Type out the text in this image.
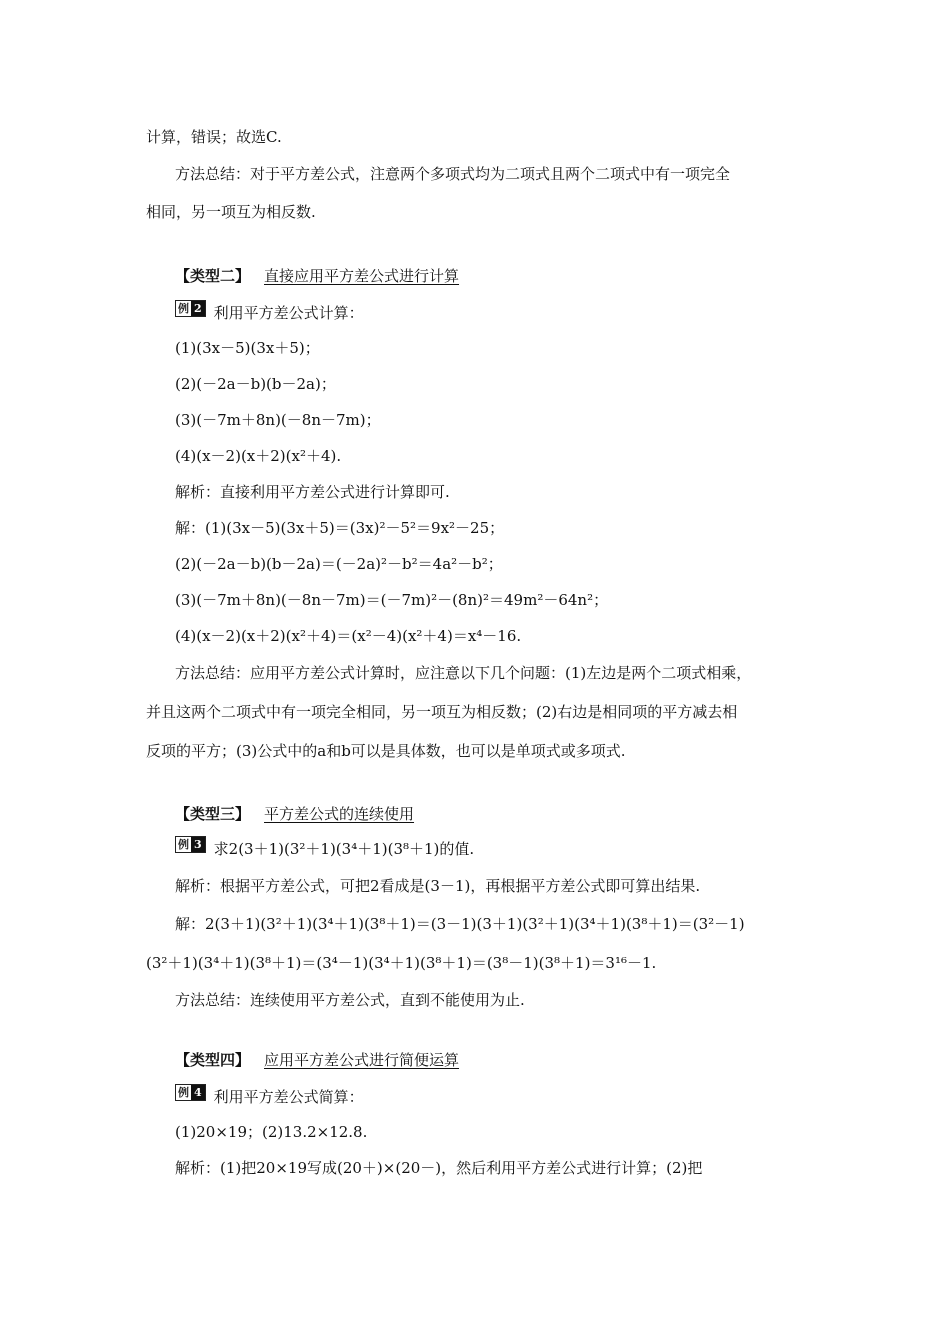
计算，错误；故选C.
方法总结：对于平方差公式，注意两个多项式均为二项式且两个二项式中有一项完全
相同，另一项互为相反数.
【类型二】 直接应用平方差公式进行计算
例 2 利用平方差公式计算：
(1)(3x－5)(3x＋5)；
(2)(－2a－b)(b－2a)；
(3)(－7m＋8n)(－8n－7m)；
(4)(x－2)(x＋2)(x²＋4).
解析：直接利用平方差公式进行计算即可.
解：(1)(3x－5)(3x＋5)＝(3x)²－5²＝9x²－25；
(2)(－2a－b)(b－2a)＝(－2a)²－b²＝4a²－b²；
(3)(－7m＋8n)(－8n－7m)＝(－7m)²－(8n)²＝49m²－64n²；
(4)(x－2)(x＋2)(x²＋4)＝(x²－4)(x²＋4)＝x⁴－16.
方法总结：应用平方差公式计算时，应注意以下几个问题：(1)左边是两个二项式相乘，
并且这两个二项式中有一项完全相同，另一项互为相反数；(2)右边是相同项的平方减去相
反项的平方；(3)公式中的a和b可以是具体数，也可以是单项式或多项式.
【类型三】 平方差公式的连续使用
例 3 求2(3＋1)(3²＋1)(3⁴＋1)(3⁸＋1)的值.
解析：根据平方差公式，可把2看成是(3－1)，再根据平方差公式即可算出结果.
解：2(3＋1)(3²＋1)(3⁴＋1)(3⁸＋1)＝(3－1)(3＋1)(3²＋1)(3⁴＋1)(3⁸＋1)＝(3²－1)
(3²＋1)(3⁴＋1)(3⁸＋1)＝(3⁴－1)(3⁴＋1)(3⁸＋1)＝(3⁸－1)(3⁸＋1)＝3¹⁶－1.
方法总结：连续使用平方差公式，直到不能使用为止.
【类型四】 应用平方差公式进行简便运算
例 4 利用平方差公式简算：
(1)20×19；(2)13.2×12.8.
解析：(1)把20×19写成(20＋)×(20－)，然后利用平方差公式进行计算；(2)把
